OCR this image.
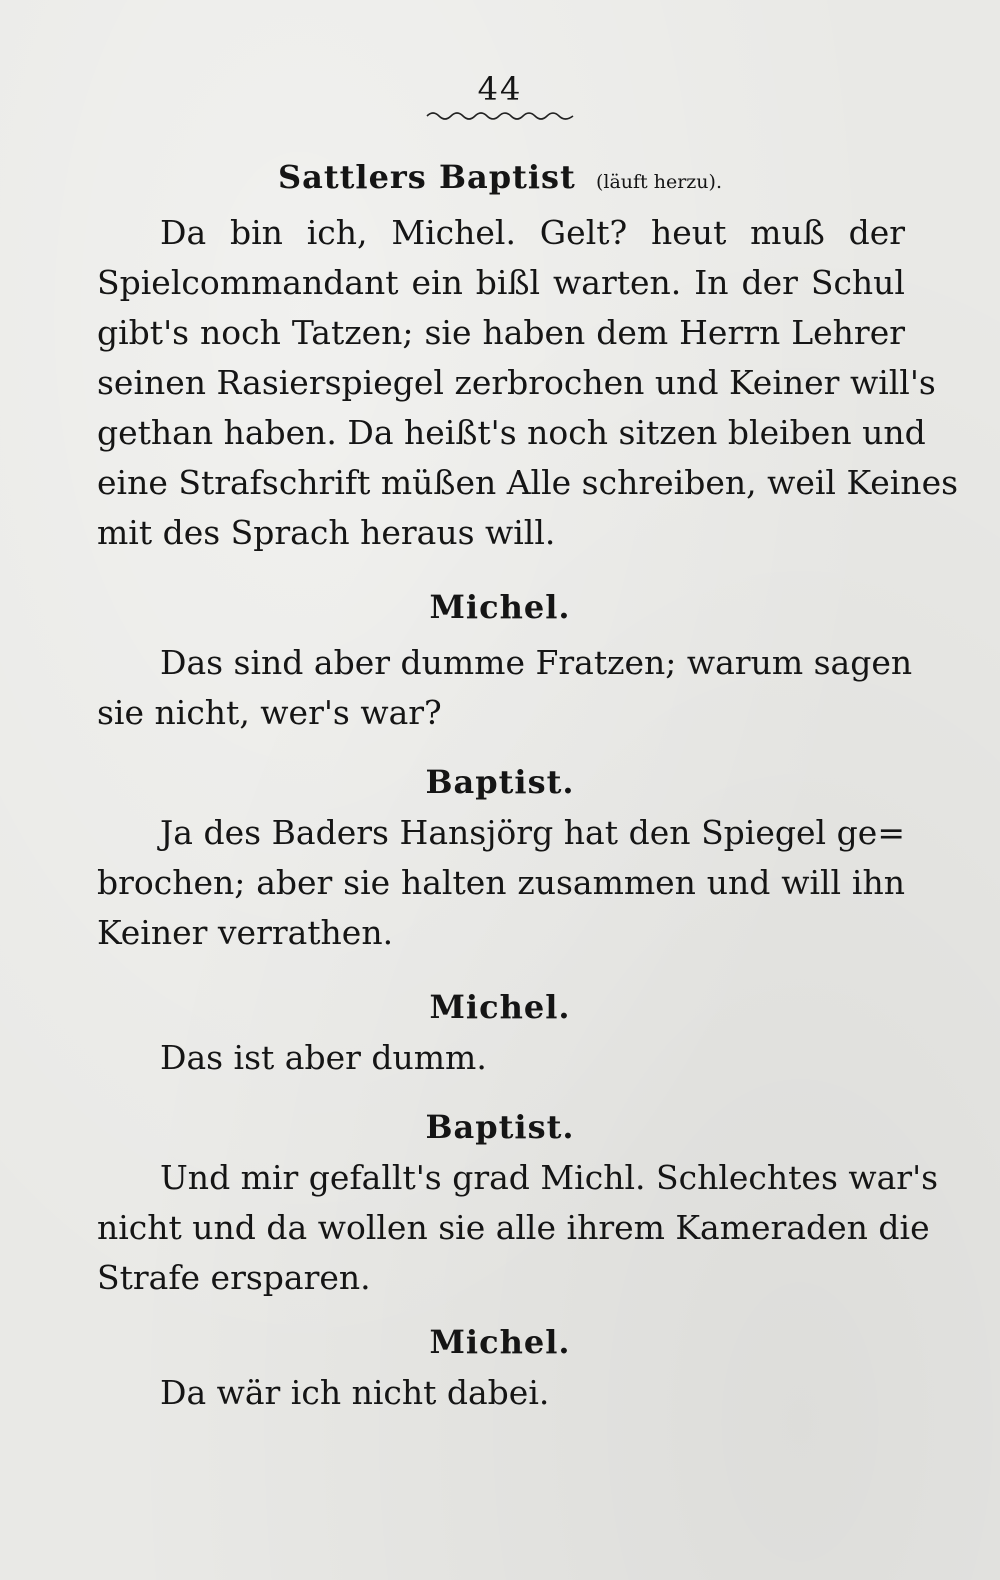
44
Sattlers Baptist (läuft herzu).
Da bin ich, Michel. Gelt? heut muß der
Spielcommandant ein bißl warten. In der Schul
gibt's noch Tatzen; sie haben dem Herrn Lehrer
seinen Rasierspiegel zerbrochen und Keiner will's
gethan haben. Da heißt's noch sitzen bleiben und
eine Strafschrift müßen Alle schreiben, weil Keines
mit des Sprach heraus will.
Michel.
Das sind aber dumme Fratzen; warum sagen
sie nicht, wer's war?
Baptist.
Ja des Baders Hansjörg hat den Spiegel ge=
brochen; aber sie halten zusammen und will ihn
Keiner verrathen.
Michel.
Das ist aber dumm.
Baptist.
Und mir gefallt's grad Michl. Schlechtes war's
nicht und da wollen sie alle ihrem Kameraden die
Strafe ersparen.
Michel.
Da wär ich nicht dabei.
